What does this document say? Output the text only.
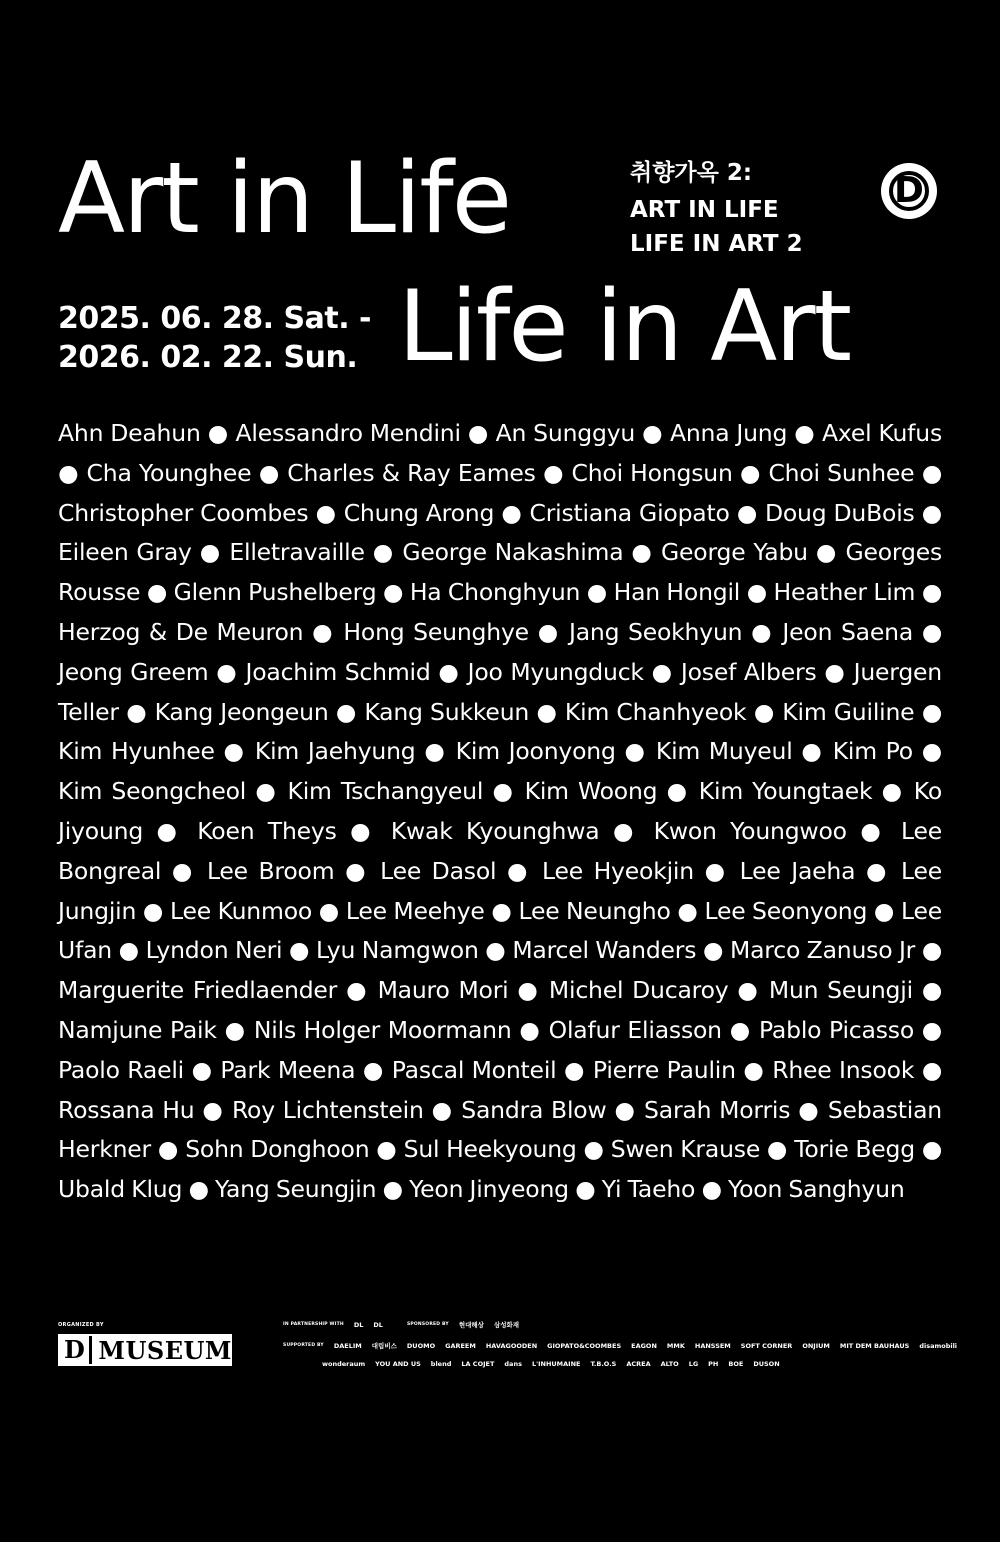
Art in Life	취향가옥 2:
ART IN LIFE
LIFE IN ART 2
D
2025. 06. 28. Sat. -
2026. 02. 22. Sun. Life in Art
Ahn Deahun ● Alessandro Mendini ● An Sunggyu ● Anna Jung ● Axel Kufus ● Cha Younghee ● Charles & Ray Eames ● Choi Hongsun ● Choi Sunhee ● Christopher Coombes ● Chung Arong ● Cristiana Giopato ● Doug DuBois ● Eileen Gray ● Elletravaille ● George Nakashima ● George Yabu ● Georges Rousse ● Glenn Pushelberg ● Ha Chonghyun ● Han Hongil ● Heather Lim ● Herzog & De Meuron ● Hong Seunghye ● Jang Seokhyun ● Jeon Saena ● Jeong Greem ● Joachim Schmid ● Joo Myungduck ● Josef Albers ● Juergen Teller ● Kang Jeongeun ● Kang Sukkeun ● Kim Chanhyeok ● Kim Guiline ● Kim Hyunhee ● Kim Jaehyung ● Kim Joonyong ● Kim Muyeul ● Kim Po ● Kim Seongcheol ● Kim Tschangyeul ● Kim Woong ● Kim Youngtaek ● Ko Jiyoung ● Koen Theys ● Kwak Kyounghwa ● Kwon Youngwoo ● Lee Bongreal ● Lee Broom ● Lee Dasol ● Lee Hyeokjin ● Lee Jaeha ● Lee Jungjin ● Lee Kunmoo ● Lee Meehye ● Lee Neungho ● Lee Seonyong ● Lee Ufan ● Lyndon Neri ● Lyu Namgwon ● Marcel Wanders ● Marco Zanuso Jr ● Marguerite Friedlaender ● Mauro Mori ● Michel Ducaroy ● Mun Seungji ● Namjune Paik ● Nils Holger Moormann ● Olafur Eliasson ● Pablo Picasso ● Paolo Raeli ● Park Meena ● Pascal Monteil ● Pierre Paulin ● Rhee Insook ● Rossana Hu ● Roy Lichtenstein ● Sandra Blow ● Sarah Morris ● Sebastian Herkner ● Sohn Donghoon ● Sul Heekyoung ● Swen Krause ● Torie Begg ● Ubald Klug ● Yang Seungjin ● Yeon Jinyeong ● Yi Taeho ● Yoon Sanghyun
ORGANIZED BY
D MUSEUM
IN PARTNERSHIP WITH DL DL	SPONSORED BY 현대해상 삼성화재
SUPPORTED BY DAELIM 대림비스 DUOMO GAREEM HAVAGOODEN GIOPATO&COOMBES EAGON MMK HANSSEM SOFT CORNER ONJIUM MIT DEM BAUHAUS disamobili
wonderaum YOU AND US blend LA COJET dans L'INHUMAINE T.B.O.S ACREA ALTO LG PH BOE DUSON
